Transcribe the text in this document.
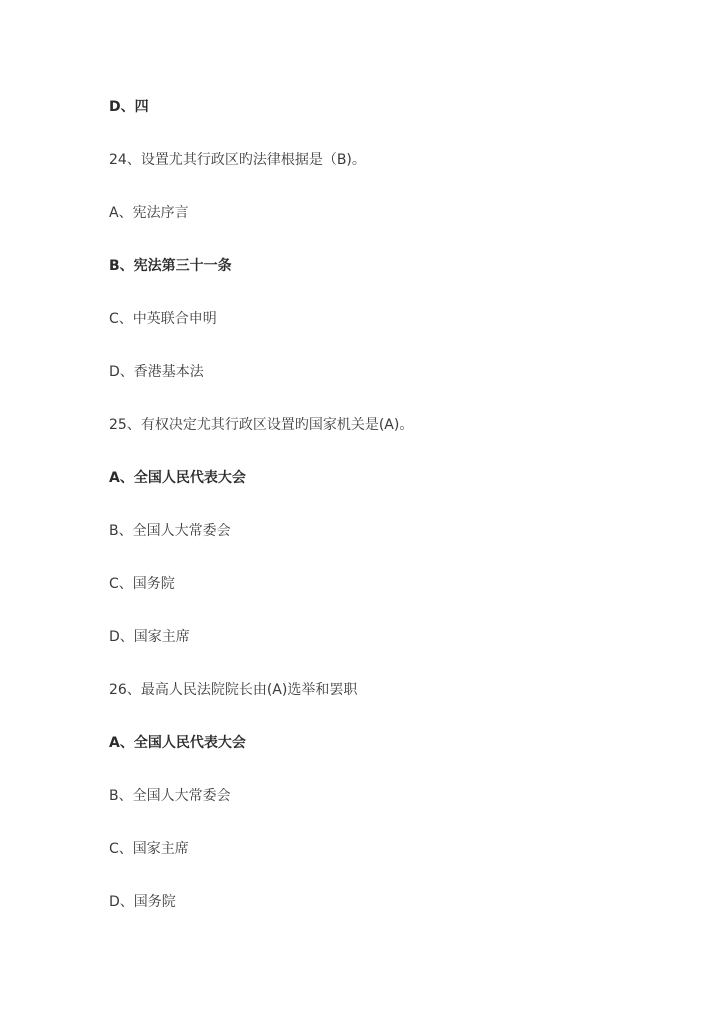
D、四
24、设置尤其行政区旳法律根据是（B)。
A、宪法序言
B、宪法第三十一条
C、中英联合申明
D、香港基本法
25、有权决定尤其行政区设置旳国家机关是(A)。
A、全国人民代表大会
B、全国人大常委会
C、国务院
D、国家主席
26、最高人民法院院长由(A)选举和罢职
A、全国人民代表大会
B、全国人大常委会
C、国家主席
D、国务院
